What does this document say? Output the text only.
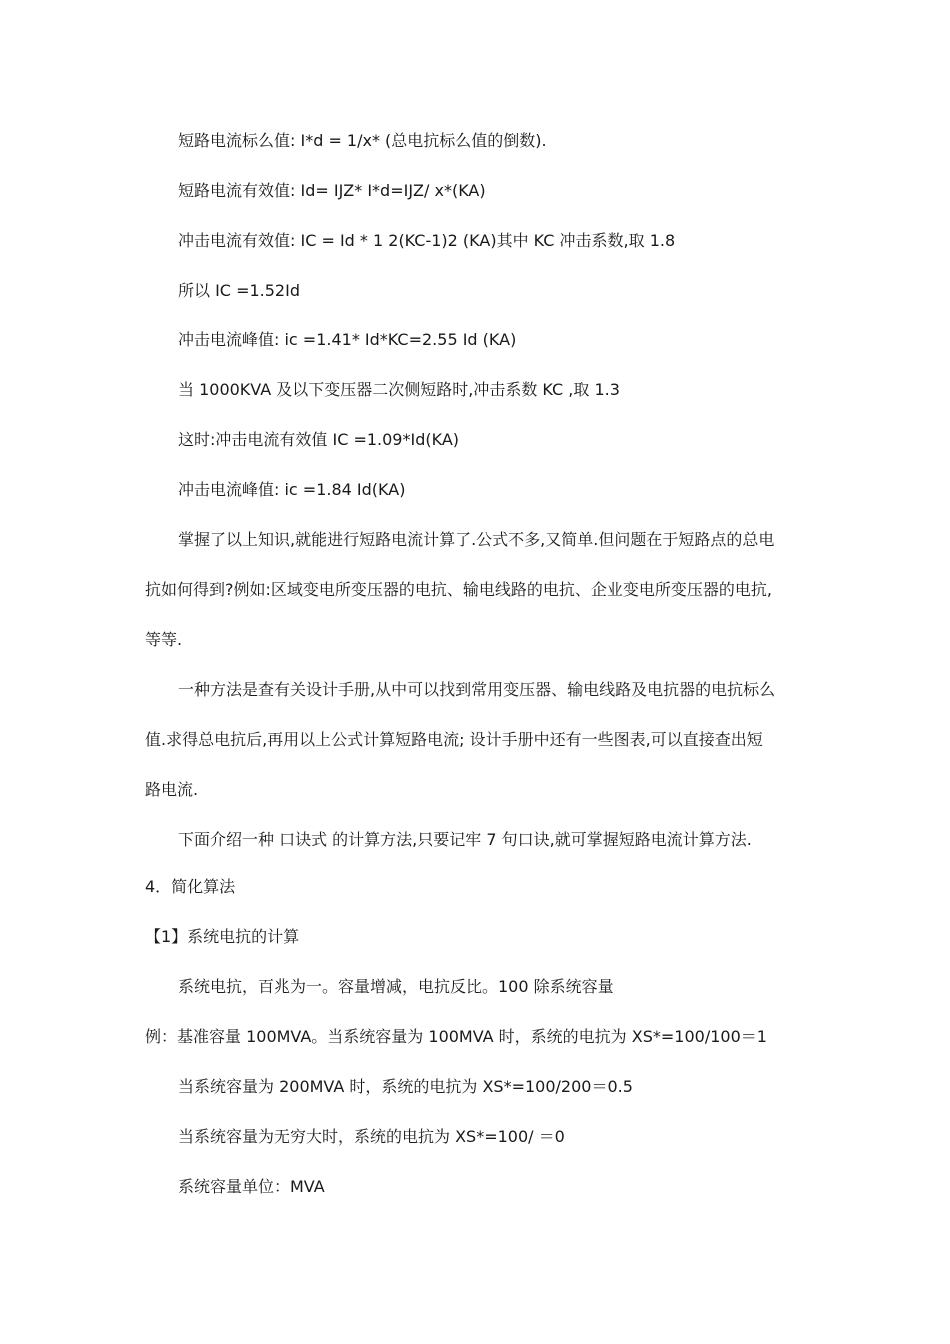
短路电流标么值: I*d = 1/x* (总电抗标么值的倒数).
短路电流有效值: Id= IJZ* I*d=IJZ/ x*(KA)
冲击电流有效值: IC = Id * 1 2(KC-1)2 (KA)其中 KC 冲击系数,取 1.8
所以 IC =1.52Id
冲击电流峰值: ic =1.41* Id*KC=2.55 Id (KA)
当 1000KVA 及以下变压器二次侧短路时,冲击系数 KC ,取 1.3
这时:冲击电流有效值 IC =1.09*Id(KA)
冲击电流峰值: ic =1.84 Id(KA)
掌握了以上知识,就能进行短路电流计算了.公式不多,又简单.但问题在于短路点的总电
抗如何得到?例如:区域变电所变压器的电抗、输电线路的电抗、企业变电所变压器的电抗,
等等.
一种方法是查有关设计手册,从中可以找到常用变压器、输电线路及电抗器的电抗标么
值.求得总电抗后,再用以上公式计算短路电流; 设计手册中还有一些图表,可以直接查出短
路电流.
下面介绍一种 口诀式 的计算方法,只要记牢 7 句口诀,就可掌握短路电流计算方法.
4．简化算法
【1】系统电抗的计算
系统电抗，百兆为一。容量增减，电抗反比。100 除系统容量
例：基准容量 100MVA。当系统容量为 100MVA 时，系统的电抗为 XS*=100/100＝1
当系统容量为 200MVA 时，系统的电抗为 XS*=100/200＝0.5
当系统容量为无穷大时，系统的电抗为 XS*=100/ ＝0
系统容量单位：MVA
